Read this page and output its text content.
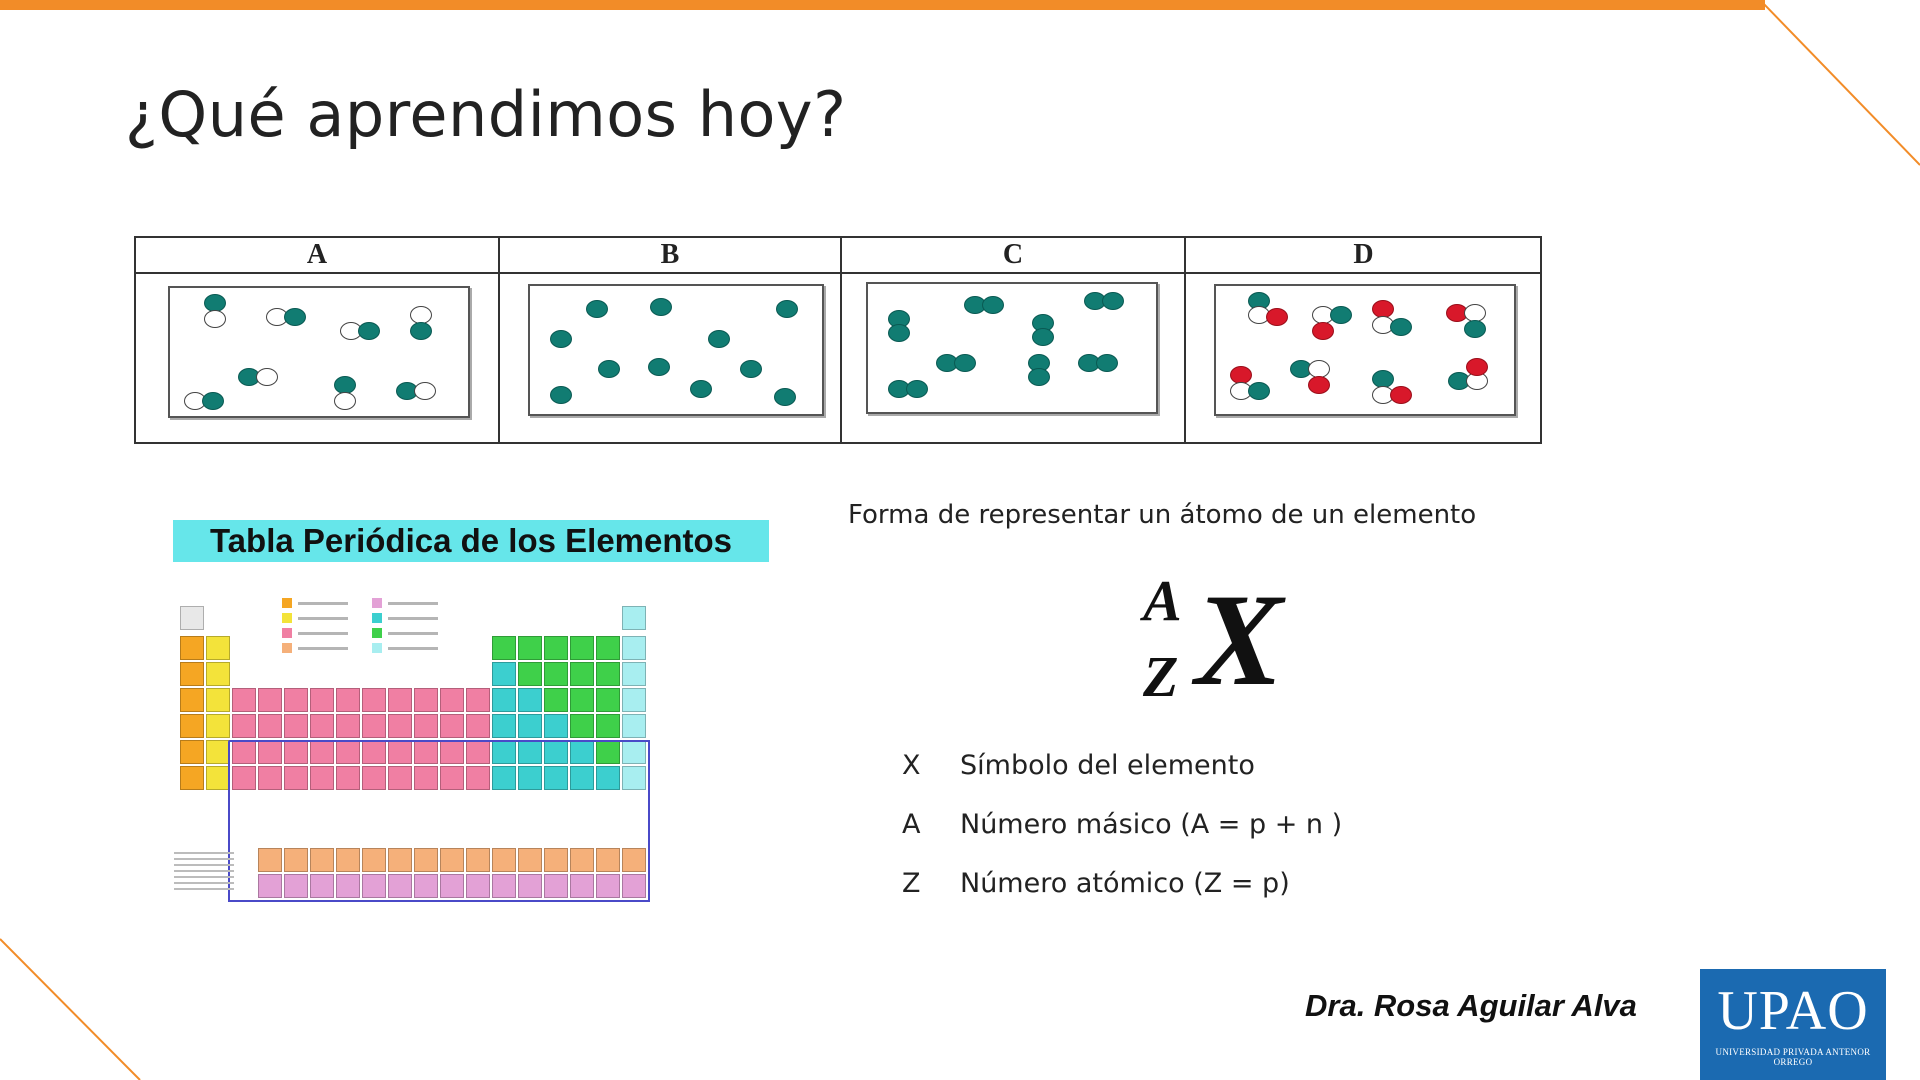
¿Qué aprendimos hoy?
A	B	C	D
Tabla Periódica de los Elementos
Forma de representar un átomo de un elemento
A
Z X
X Símbolo del elemento
A Número másico (A = p + n )
Z Número atómico (Z = p)
Dra. Rosa Aguilar Alva	UPAO
UNIVERSIDAD PRIVADA ANTENOR ORREGO
